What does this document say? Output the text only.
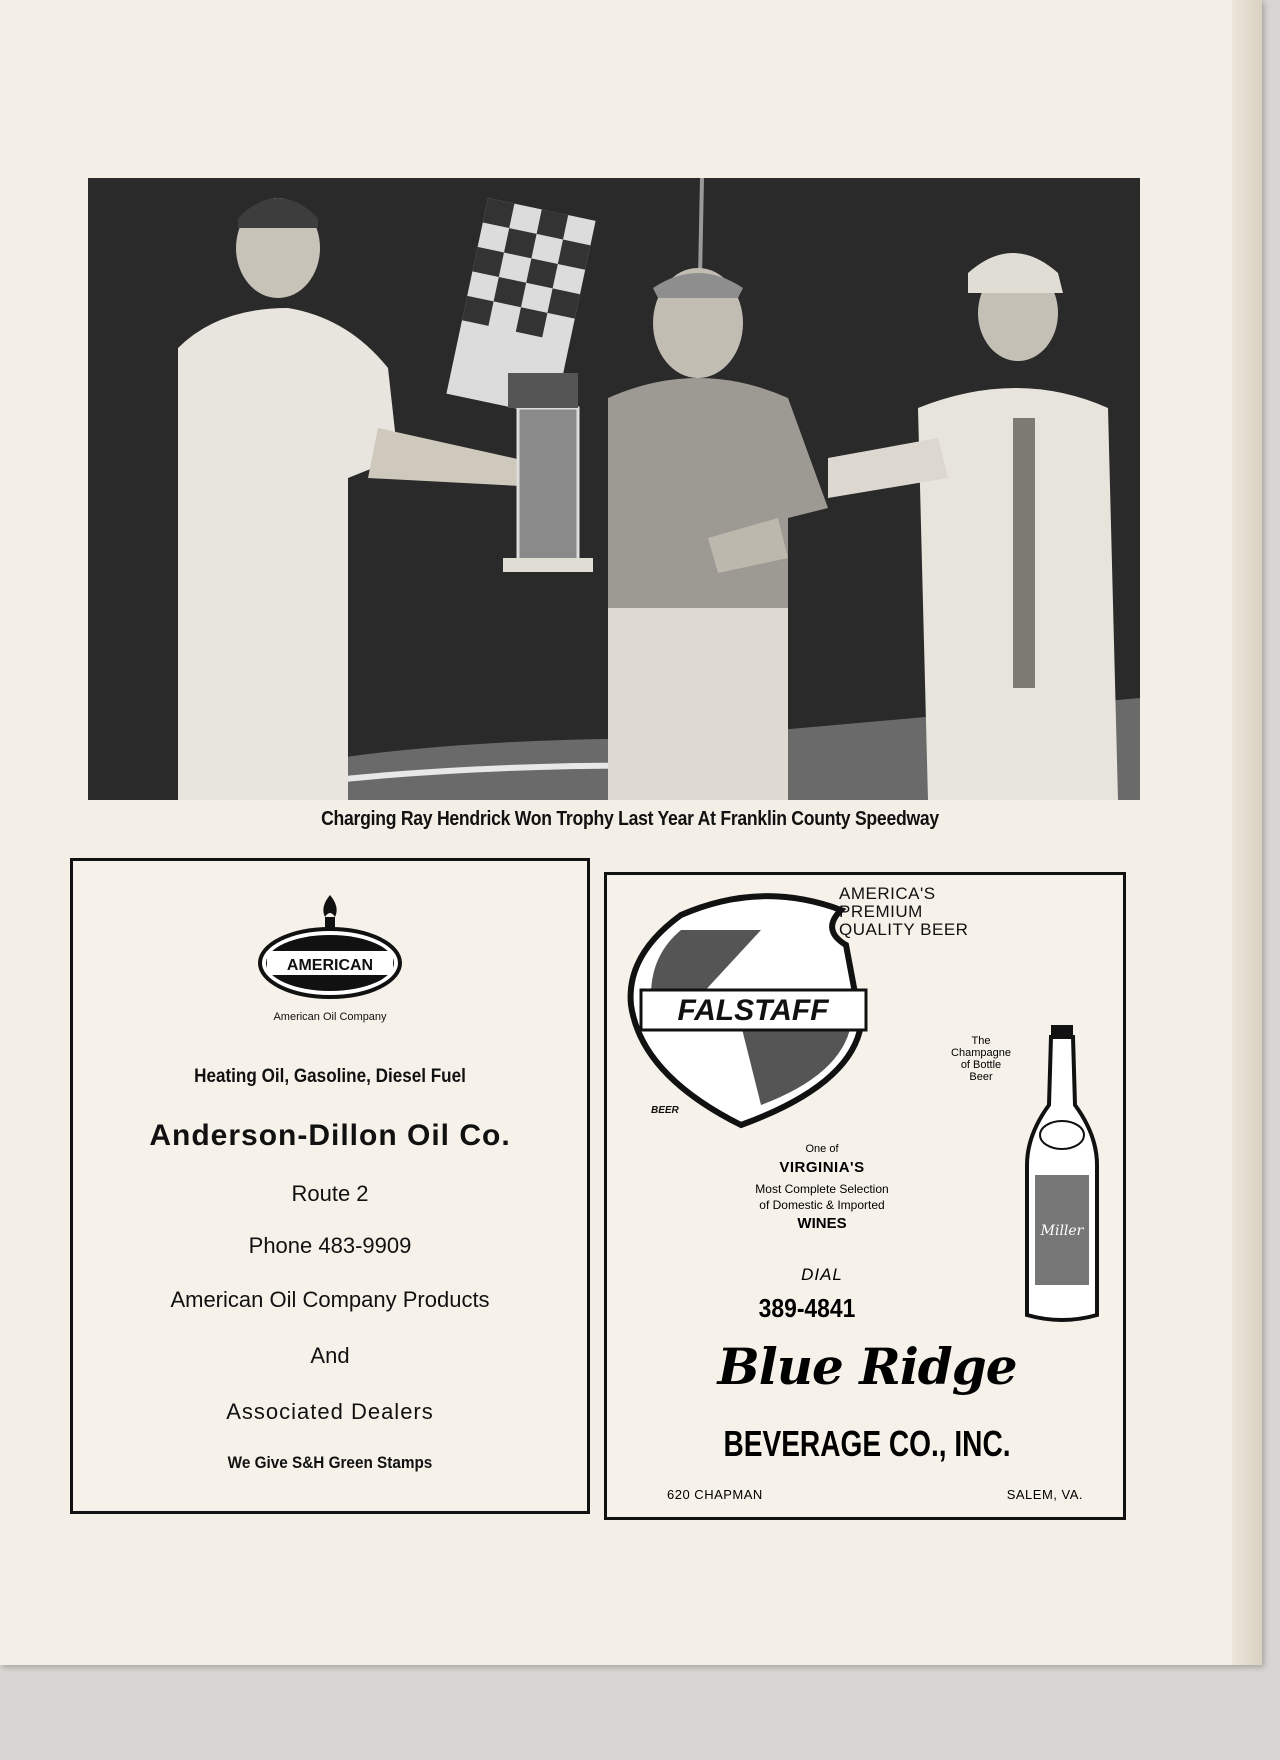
Charging Ray Hendrick Won Trophy Last Year At Franklin County Speedway
AMERICAN
American Oil Company
Heating Oil, Gasoline, Diesel Fuel
Anderson-Dillon Oil Co.
Route 2
Phone 483-9909
American Oil Company Products
And
Associated Dealers
We Give S&H Green Stamps
FALSTAFF
BEER
AMERICA'S
PREMIUM
QUALITY BEER
The
Champagne
of Bottle
Beer
Miller
One of
VIRGINIA'S
Most Complete Selection
of Domestic & Imported
WINES
DIAL
389-4841
Blue Ridge
BEVERAGE CO., INC.
620 CHAPMAN	SALEM, VA.
